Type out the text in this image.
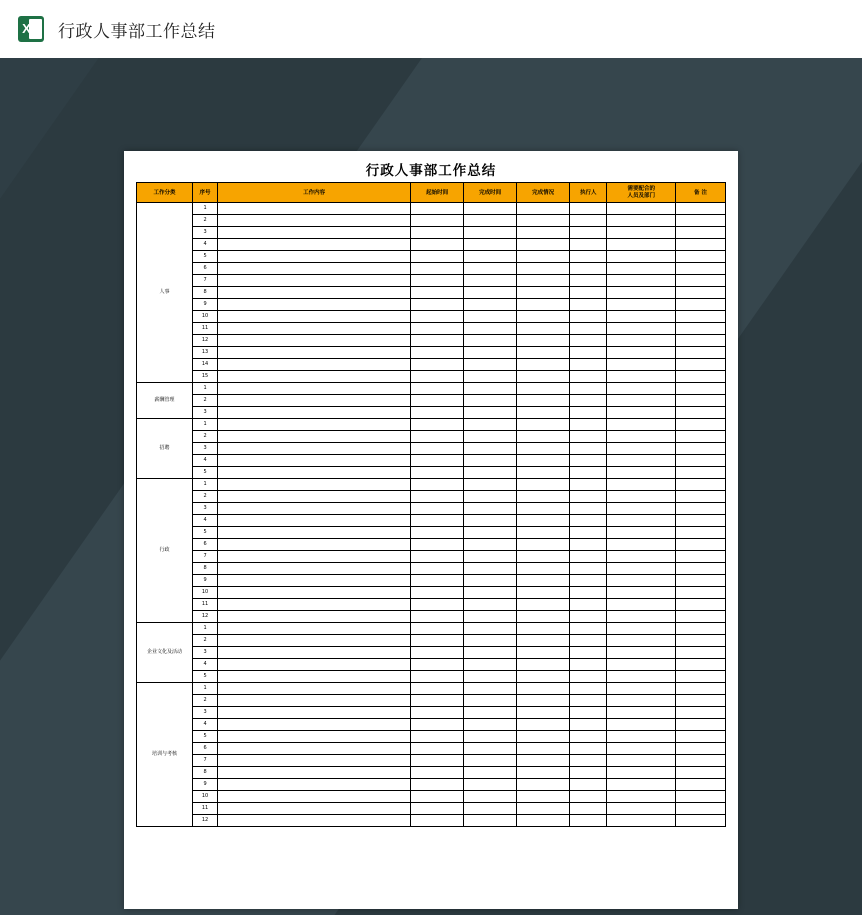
X 行政人事部工作总结
行政人事部工作总结
工作分类	序号	工作内容	起始时间	完成时间	完成情况	执行人	需要配合的
人员及部门	备 注
人事	1							
	2							
	3							
	4							
	5							
	6							
	7							
	8							
	9							
	10							
	11							
	12							
	13							
	14							
	15							
薪酬管理	1							
	2							
	3							
招聘	1							
	2							
	3							
	4							
	5							
行政	1							
	2							
	3							
	4							
	5							
	6							
	7							
	8							
	9							
	10							
	11							
	12							
企业文化及活动	1							
	2							
	3							
	4							
	5							
培训与考核	1							
	2							
	3							
	4							
	5							
	6							
	7							
	8							
	9							
	10							
	11							
	12							
